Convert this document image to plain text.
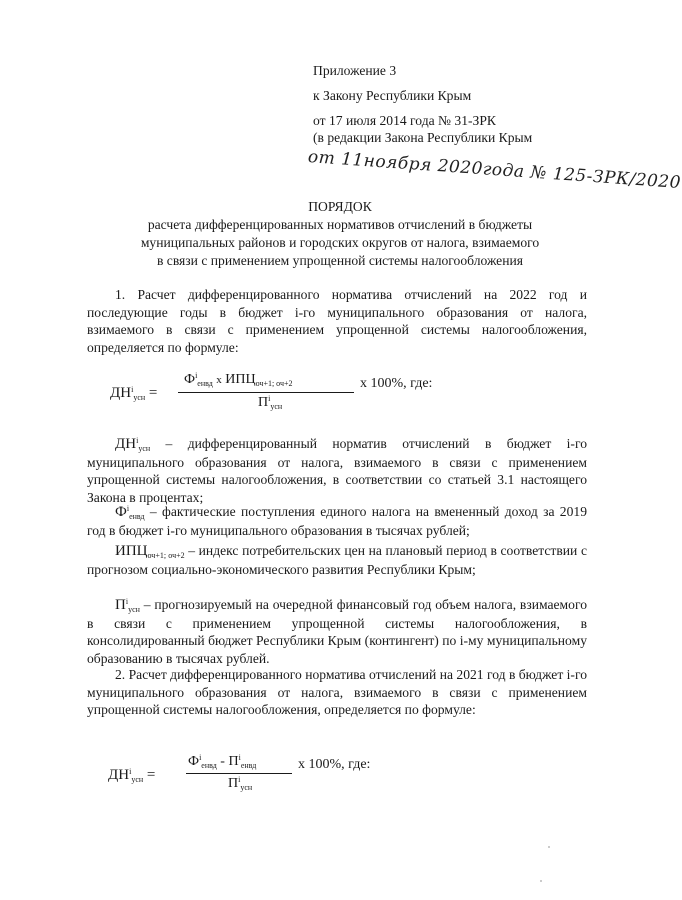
Приложение 3
к Закону Республики Крым
от 17 июля 2014 года № 31-ЗРК
(в редакции Закона Республики Крым
от 11ноября 2020года № 125-ЗРК/2020
ПОРЯДОК
расчета дифференцированных нормативов отчислений в бюджеты
муниципальных районов и городских округов от налога, взимаемого
в связи с применением упрощенной системы налогообложения
1. Расчет дифференцированного норматива отчислений на 2022 год и последующие годы в бюджет i-го муниципального образования от налога, взимаемого в связи с применением упрощенной системы налогообложения, определяется по формуле:
$ДН^i_{усн}$ =
$Ф^i_{енвд}$ х $ИПЦ_{оч+1; оч+2}$
$П^i_{усн}$
х 100%, где:
$ДН^i_{усн}$ – дифференцированный норматив отчислений в бюджет i-го муниципального образования от налога, взимаемого в связи с применением упрощенной системы налогообложения, в соответствии со статьей 3.1 настоящего Закона в процентах;
$Ф^i_{енвд}$ – фактические поступления единого налога на вмененный доход за 2019 год в бюджет i-го муниципального образования в тысячах рублей;
$ИПЦ_{оч+1; оч+2}$ – индекс потребительских цен на плановый период в соответствии с прогнозом социально-экономического развития Республики Крым;
$П^i_{усн}$ – прогнозируемый на очередной финансовый год объем налога, взимаемого в связи с применением упрощенной системы налогообложения, в консолидированный бюджет Республики Крым (контингент) по i-му муниципальному образованию в тысячах рублей.
2. Расчет дифференцированного норматива отчислений на 2021 год в бюджет i-го муниципального образования от налога, взимаемого в связи с применением упрощенной системы налогообложения, определяется по формуле:
$ДН^i_{усн}$ =
$Ф^i_{енвд} - П^i_{енвд}$
$П^i_{усн}$
х 100%, где:
